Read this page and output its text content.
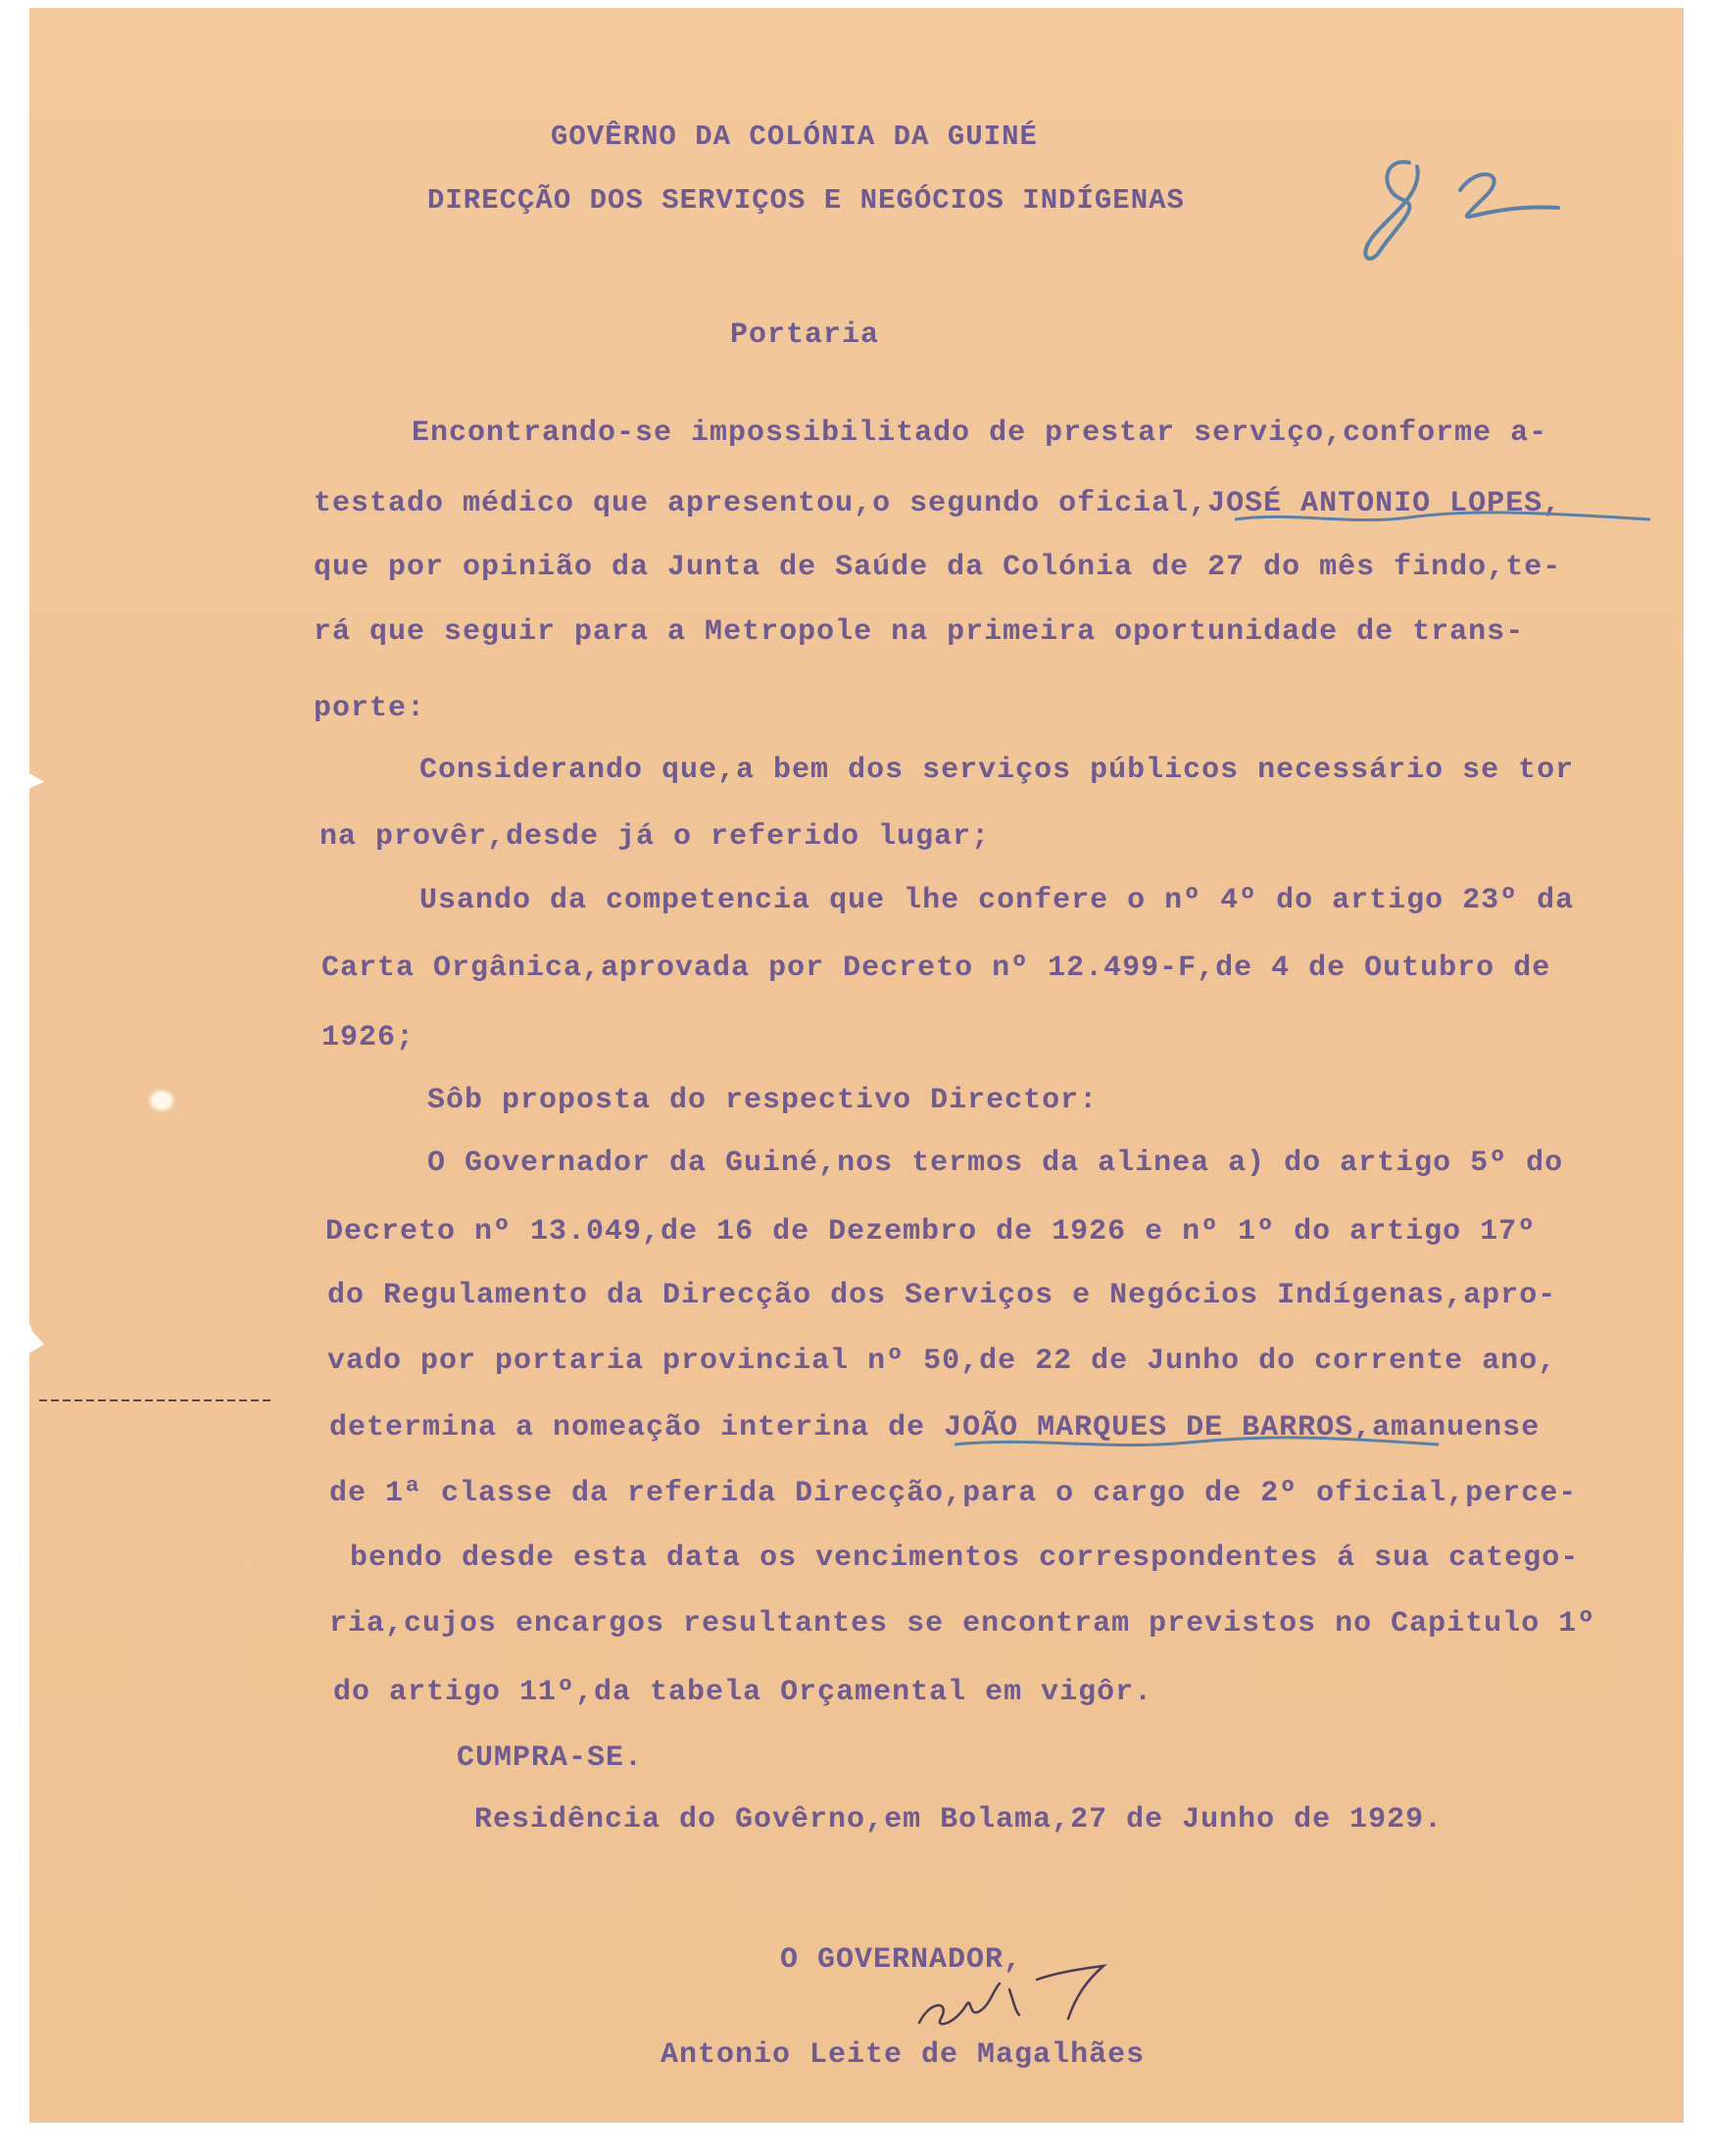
GOVÊRNO DA COLÓNIA DA GUINÉ

DIRECÇÃO DOS SERVIÇOS E NEGÓCIOS INDÍGENAS

Portaria

Encontrando-se impossibilitado de prestar serviço,conforme a-

testado médico que apresentou,o segundo oficial,JOSÉ ANTONIO LOPES,

que por opinião da Junta de Saúde da Colónia de 27 do mês findo,te-

rá que seguir para a Metropole na primeira oportunidade de trans-

porte:

Considerando que,a bem dos serviços públicos necessário se tor

na provêr,desde já o referido lugar;

Usando da competencia que lhe confere o nº 4º do artigo 23º da

Carta Orgânica,aprovada por Decreto nº 12.499-F,de 4 de Outubro de

1926;

Sôb proposta do respectivo Director:

O Governador da Guiné,nos termos da alinea a) do artigo 5º do

Decreto nº 13.049,de 16 de Dezembro de 1926 e nº 1º do artigo 17º

do Regulamento da Direcção dos Serviços e Negócios Indígenas,apro-

vado por portaria provincial nº 50,de 22 de Junho do corrente ano,

determina a nomeação interina de JOÃO MARQUES DE BARROS,amanuense

de 1ª classe da referida Direcção,para o cargo de 2º oficial,perce-

bendo desde esta data os vencimentos correspondentes á sua catego-

ria,cujos encargos resultantes se encontram previstos no Capitulo 1º

do artigo 11º,da tabela Orçamental em vigôr.

CUMPRA-SE.

Residência do Govêrno,em Bolama,27 de Junho de 1929.

O GOVERNADOR,

Antonio Leite de Magalhães
